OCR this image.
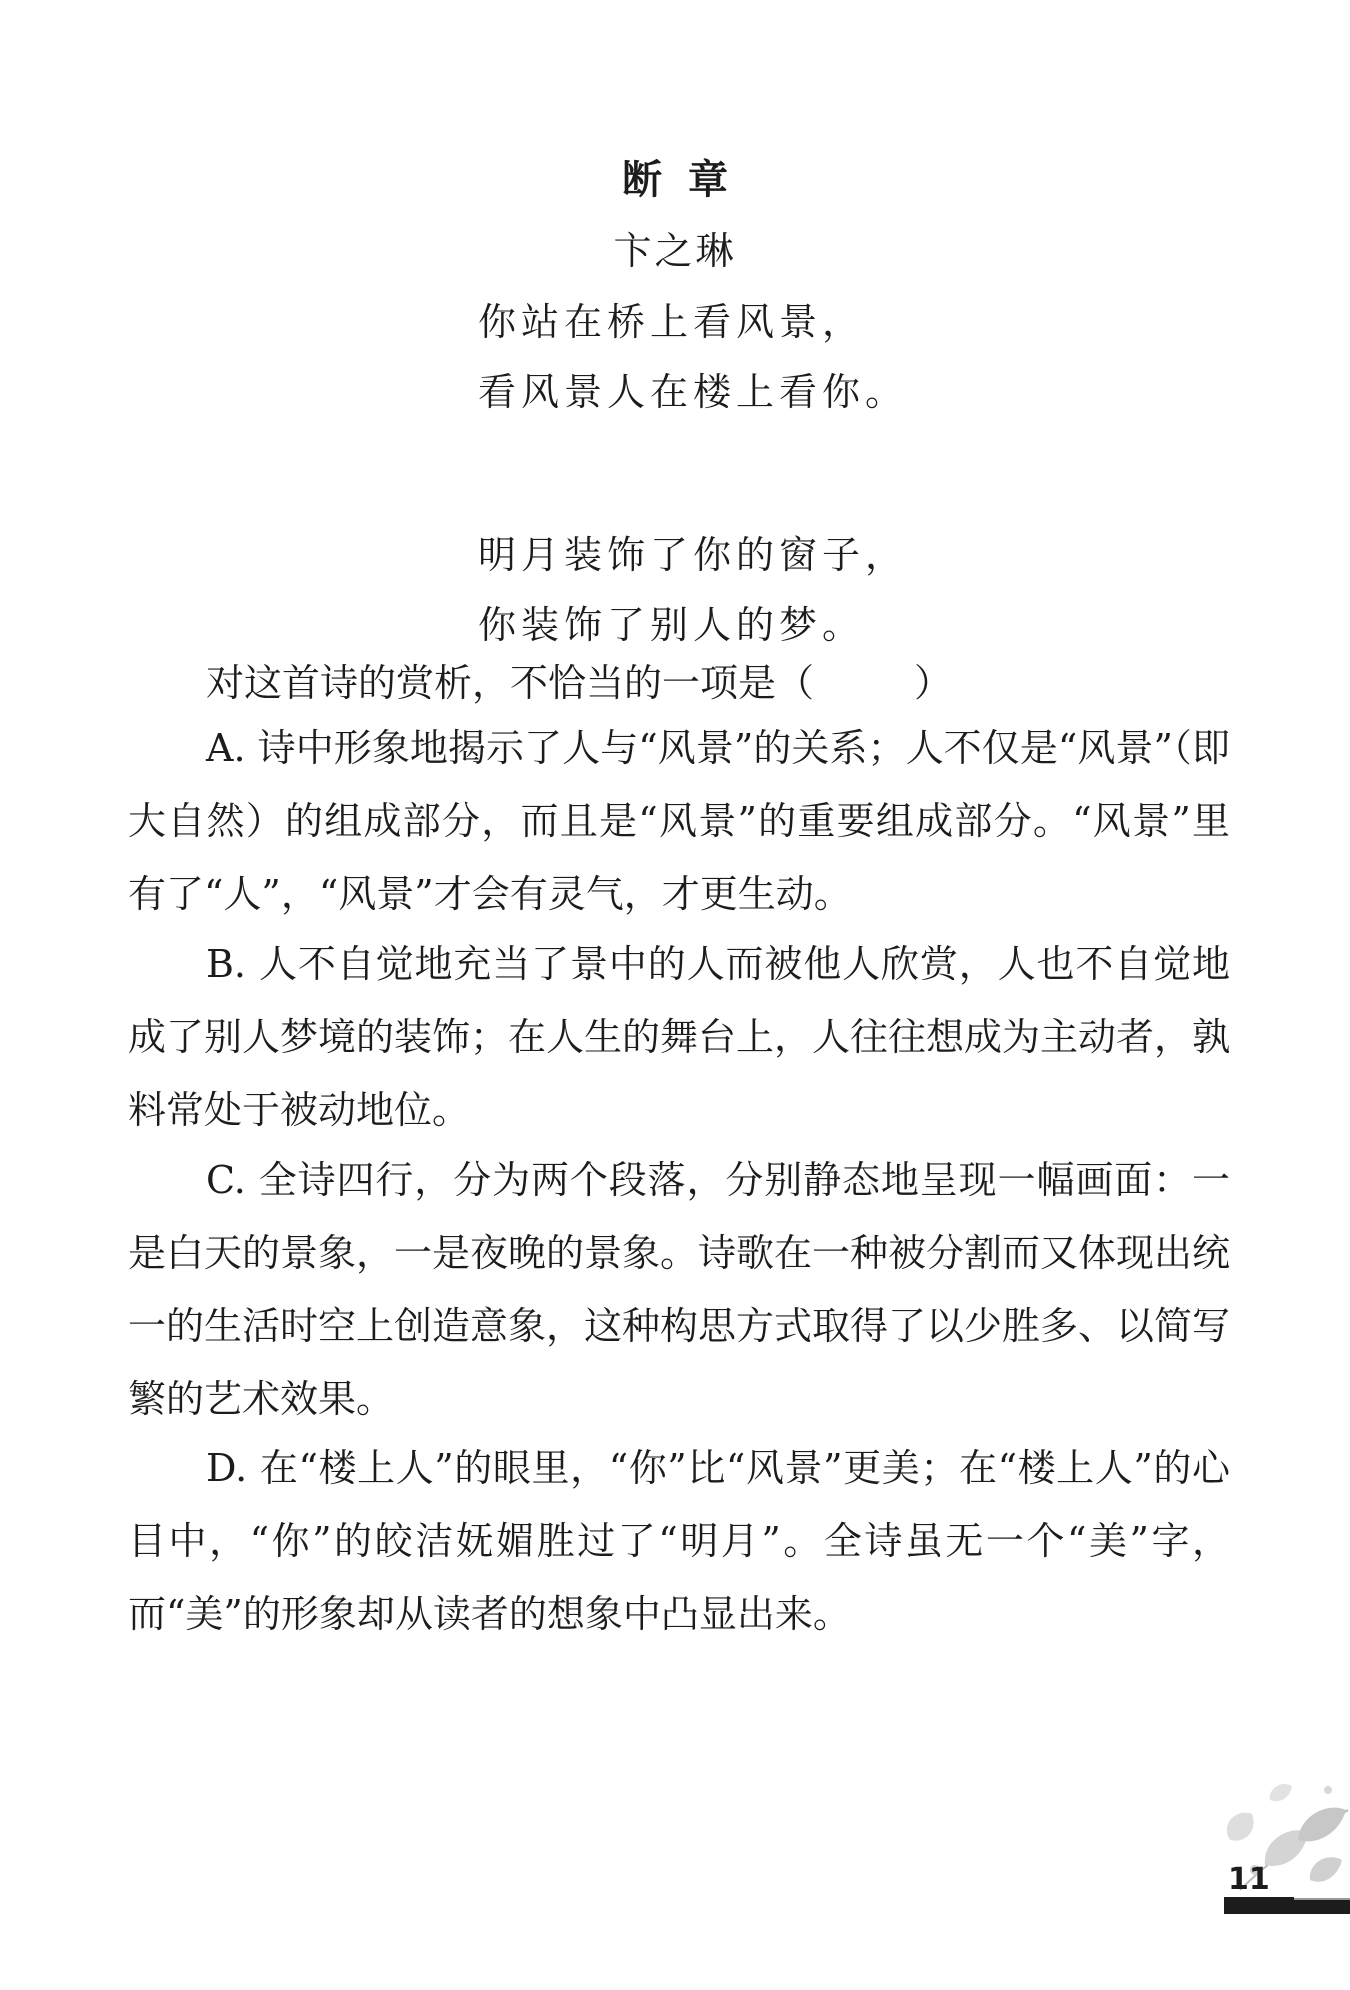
断章
卞之琳
你站在桥上看风景，
看风景人在楼上看你。
明月装饰了你的窗子，
你装饰了别人的梦。
对这首诗的赏析，不恰当的一项是（	）
A. 诗中形象地揭示了人与“风景”的关系；人不仅是“风景”（即大自然）的组成部分，而且是“风景”的重要组成部分。“风景”里有了“人”，“风景”才会有灵气，才更生动。
B. 人不自觉地充当了景中的人而被他人欣赏，人也不自觉地成了别人梦境的装饰；在人生的舞台上，人往往想成为主动者，孰料常处于被动地位。
C. 全诗四行，分为两个段落，分别静态地呈现一幅画面：一是白天的景象，一是夜晚的景象。诗歌在一种被分割而又体现出统一的生活时空上创造意象，这种构思方式取得了以少胜多、以简写繁的艺术效果。
D. 在“楼上人”的眼里，“你”比“风景”更美；在“楼上人”的心目中，“你”的皎洁妩媚胜过了“明月”。全诗虽无一个“美”字，而“美”的形象却从读者的想象中凸显出来。
11
